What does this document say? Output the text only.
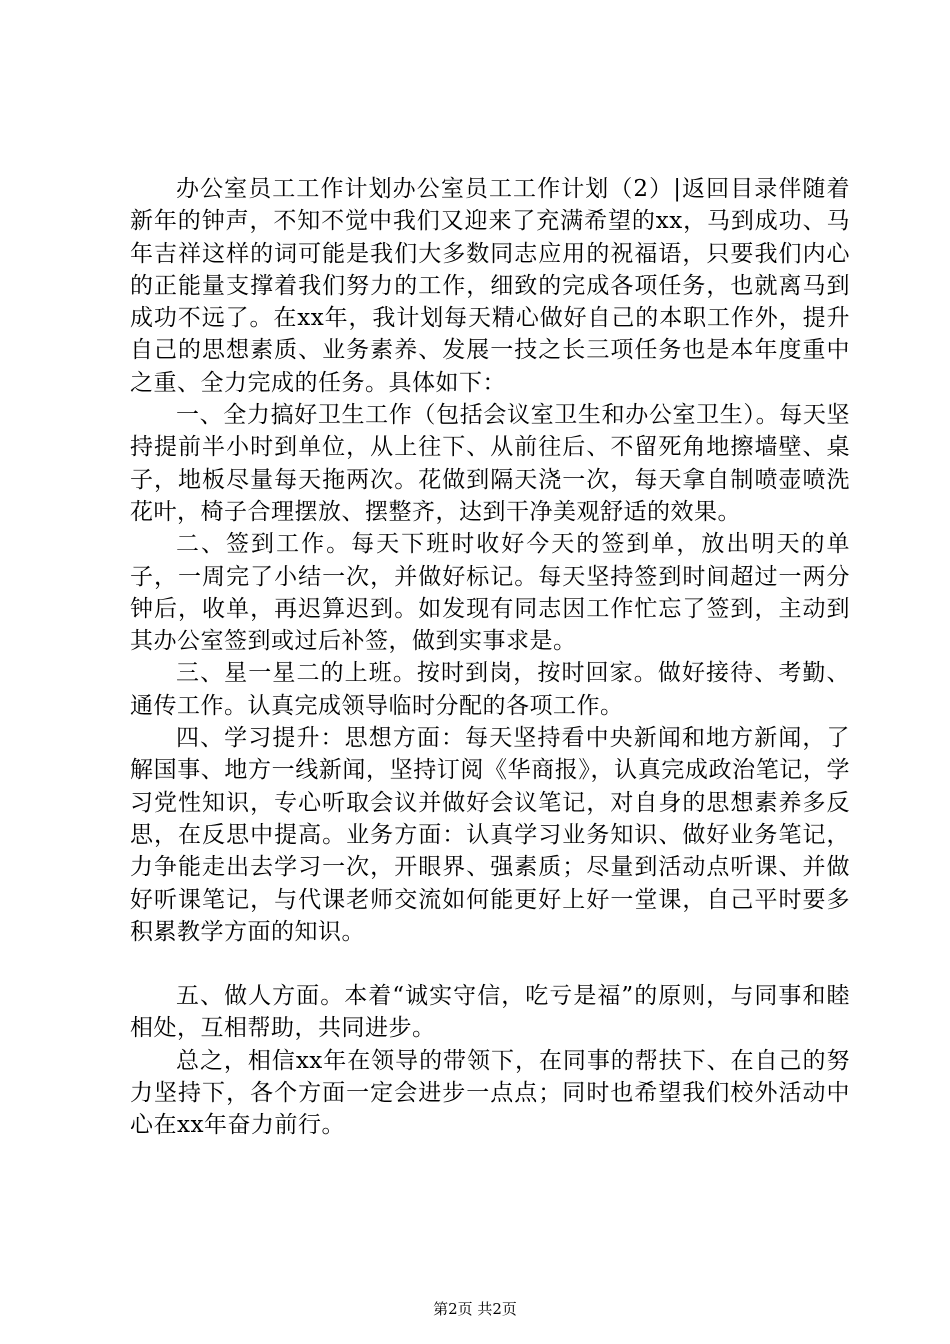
办公室员工工作计划办公室员工工作计划（2）|返回目录伴随着新年的钟声，不知不觉中我们又迎来了充满希望的xx，马到成功、马年吉祥这样的词可能是我们大多数同志应用的祝福语，只要我们内心的正能量支撑着我们努力的工作，细致的完成各项任务，也就离马到成功不远了。在xx年，我计划每天精心做好自己的本职工作外，提升自己的思想素质、业务素养、发展一技之长三项任务也是本年度重中之重、全力完成的任务。具体如下：

一、全力搞好卫生工作（包括会议室卫生和办公室卫生）。每天坚持提前半小时到单位，从上往下、从前往后、不留死角地擦墙壁、桌子，地板尽量每天拖两次。花做到隔天浇一次，每天拿自制喷壶喷洗花叶，椅子合理摆放、摆整齐，达到干净美观舒适的效果。

二、签到工作。每天下班时收好今天的签到单，放出明天的单子，一周完了小结一次，并做好标记。每天坚持签到时间超过一两分钟后，收单，再迟算迟到。如发现有同志因工作忙忘了签到，主动到其办公室签到或过后补签，做到实事求是。

三、星一星二的上班。按时到岗，按时回家。做好接待、考勤、通传工作。认真完成领导临时分配的各项工作。

四、学习提升：思想方面：每天坚持看中央新闻和地方新闻，了解国事、地方一线新闻，坚持订阅《华商报》，认真完成政治笔记，学习党性知识，专心听取会议并做好会议笔记，对自身的思想素养多反思，在反思中提高。业务方面：认真学习业务知识、做好业务笔记，力争能走出去学习一次，开眼界、强素质；尽量到活动点听课、并做好听课笔记，与代课老师交流如何能更好上好一堂课，自己平时要多积累教学方面的知识。

五、做人方面。本着“诚实守信，吃亏是福”的原则，与同事和睦相处，互相帮助，共同进步。

总之，相信xx年在领导的带领下，在同事的帮扶下、在自己的努力坚持下，各个方面一定会进步一点点；同时也希望我们校外活动中心在xx年奋力前行。

第2页 共2页
